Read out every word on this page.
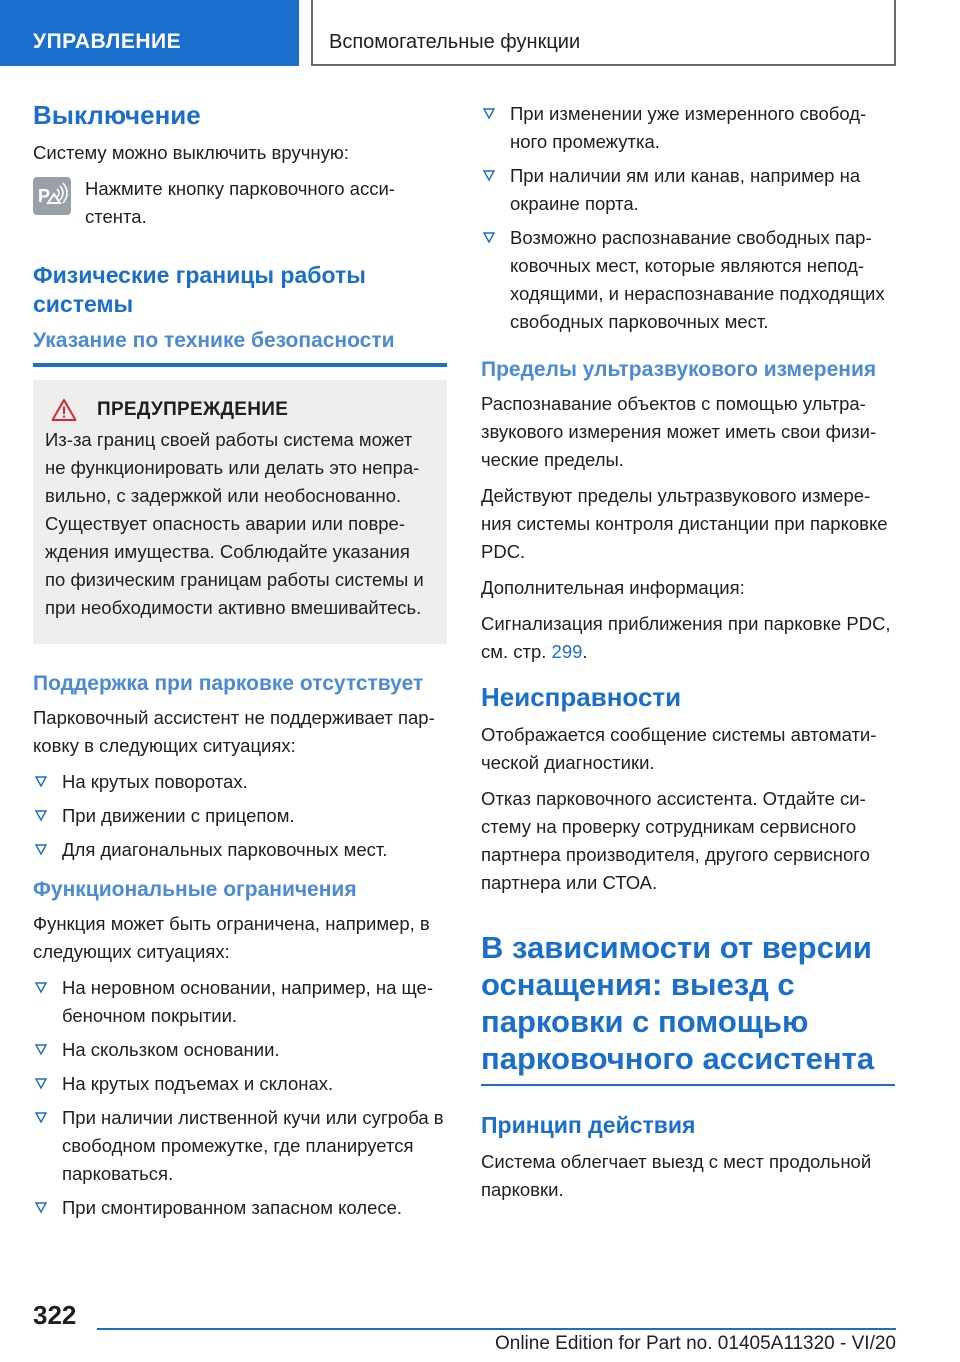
УПРАВЛЕНИЕ	Вспомогательные функции
Выключение

Систему можно выключить вручную:

P Нажмите кнопку парковочного асси-стента.
Физические границы работы системы
Указание по технике безопасности
ПРЕДУПРЕЖДЕНИЕ

Из-за границ своей работы система может не функционировать или делать это непра-вильно, с задержкой или необоснованно. Существует опасность аварии или повре-ждения имущества. Соблюдайте указания по физическим границам работы системы и при необходимости активно вмешивайтесь.

Поддержка при парковке отсутствует

Парковочный ассистент не поддерживает пар-ковку в следующих ситуациях:

На крутых поворотах.
При движении с прицепом.
Для диагональных парковочных мест.
Функциональные ограничения

Функция может быть ограничена, например, в следующих ситуациях:

На неровном основании, например, на ще-беночном покрытии.
На скользком основании.
На крутых подъемах и склонах.
При наличии лиственной кучи или сугроба в свободном промежутке, где планируется парковаться.
При смонтированном запасном колесе.
При изменении уже измеренного свобод-ного промежутка.
При наличии ям или канав, например на окраине порта.
Возможно распознавание свободных пар-ковочных мест, которые являются непод-ходящими, и нераспознавание подходящих свободных парковочных мест.
Пределы ультразвукового измерения

Распознавание объектов с помощью ультра-звукового измерения может иметь свои физи-ческие пределы.

Действуют пределы ультразвукового измере-ния системы контроля дистанции при парковке PDC.

Дополнительная информация:

Сигнализация приближения при парковке PDC, см. стр. 299.

Неисправности

Отображается сообщение системы автомати-ческой диагностики.

Отказ парковочного ассистента. Отдайте си-стему на проверку сотрудникам сервисного партнера производителя, другого сервисного партнера или СТОА.

В зависимости от версии оснащения: выезд с парковки с помощью парковочного ассистента
Принцип действия

Система облегчает выезд с мест продольной парковки.

322
Online Edition for Part no. 01405A11320 - VI/20
